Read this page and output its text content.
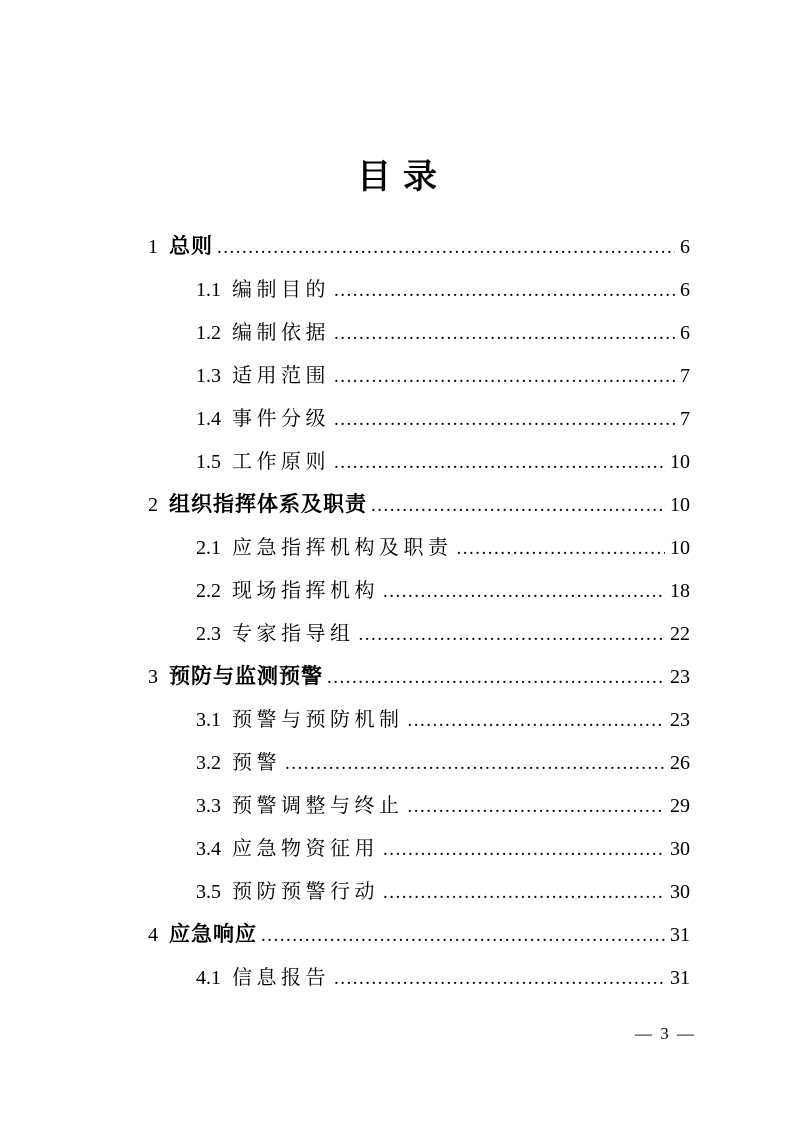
目录
1 总则 .....	6
1.1 编制目的 .....	6
1.2 编制依据 .....	6
1.3 适用范围 .....	7
1.4 事件分级 .....	7
1.5 工作原则 .....	10
2 组织指挥体系及职责 .....	10
2.1 应急指挥机构及职责 .....	10
2.2 现场指挥机构 .....	18
2.3 专家指导组 .....	22
3 预防与监测预警 .....	23
3.1 预警与预防机制 .....	23
3.2 预警 .....	26
3.3 预警调整与终止 .....	29
3.4 应急物资征用 .....	30
3.5 预防预警行动 .....	30
4 应急响应 .....	31
4.1 信息报告 .....	31
— 3 —
